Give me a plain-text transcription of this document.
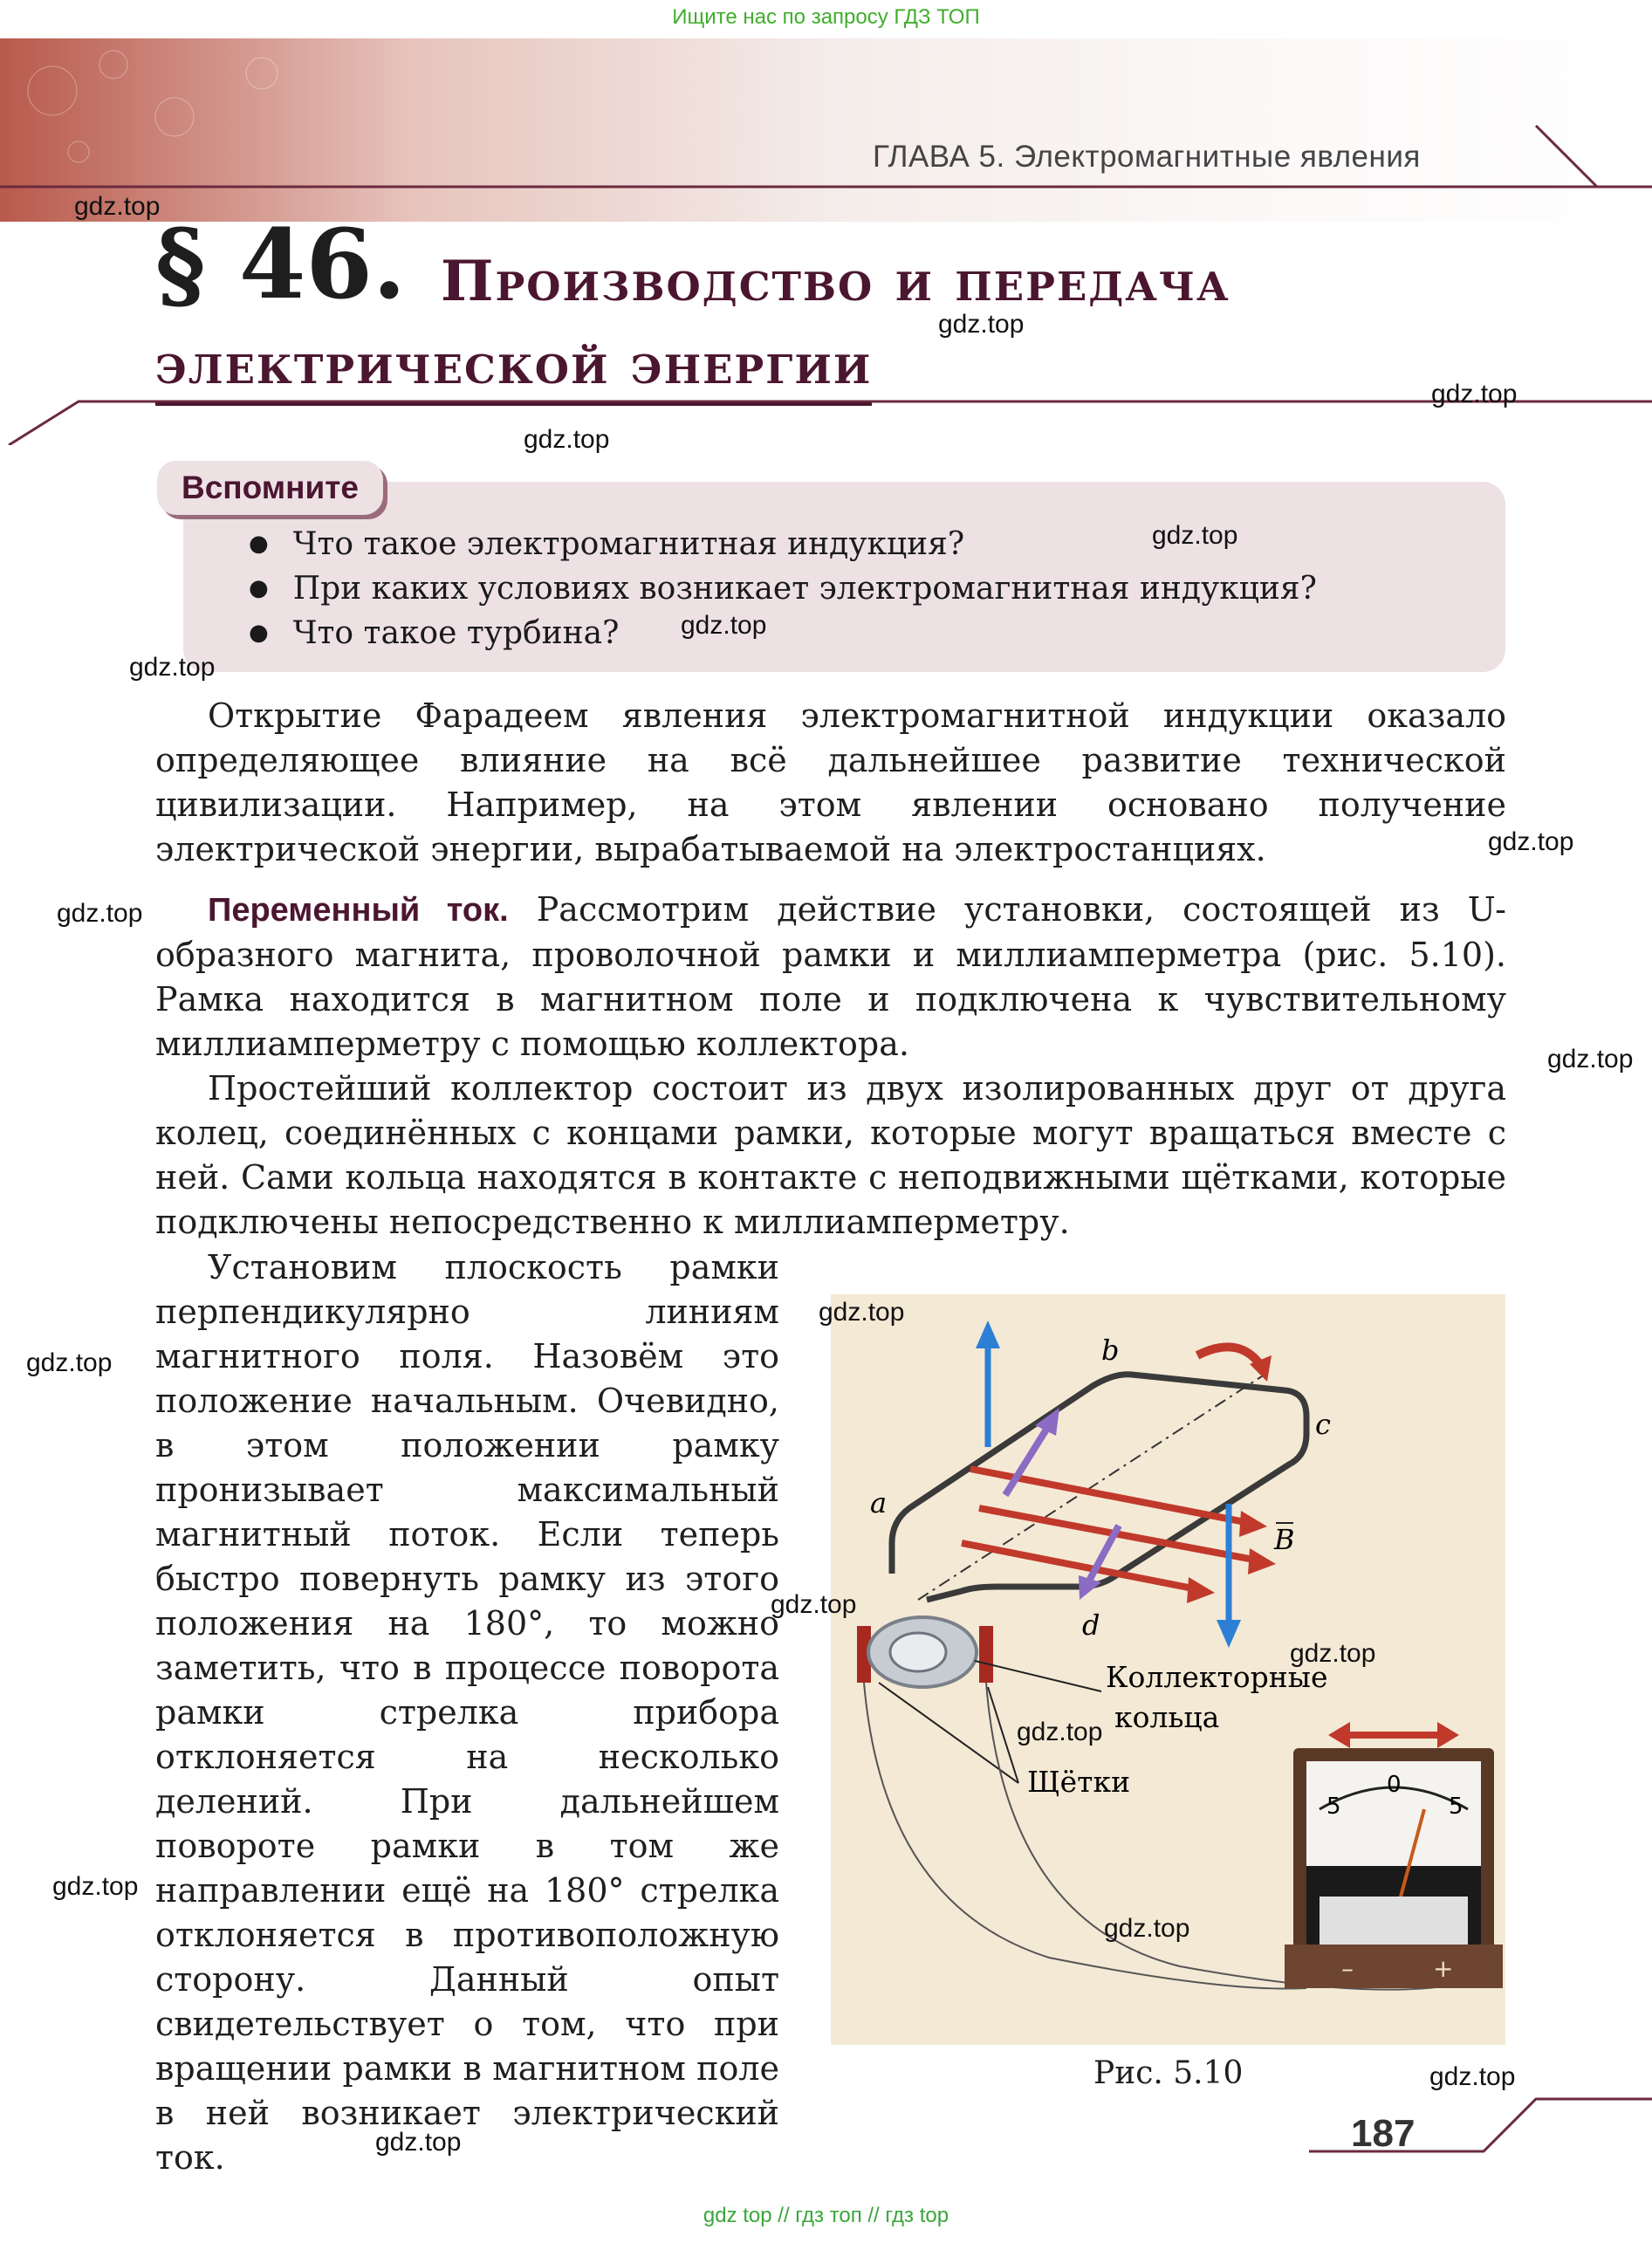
Ищите нас по запросу ГДЗ ТОП
ГЛАВА 5. Электромагнитные явления
§ 46. Производство и передача
электрической энергии
Вспомните
● Что такое электромагнитная индукция?
● При каких условиях возникает электромагнитная индукция?
● Что такое турбина?

Открытие Фарадеем явления электромагнитной индукции оказало определяющее влияние на всё дальнейшее развитие технической цивилизации. Например, на этом явлении основано получение электрической энергии, вырабатываемой на электростанциях.

Переменный ток. Рассмотрим действие установки, состоящей из U-образного магнита, проволочной рамки и миллиамперметра (рис. 5.10). Рамка находится в магнитном поле и подключена к чувствительному миллиамперметру с помощью коллектора.

Простейший коллектор состоит из двух изолированных друг от друга колец, соединённых с концами рамки, которые могут вращаться вместе с ней. Сами кольца находятся в контакте с неподвижными щётками, которые подключены непосредственно к миллиамперметру.

Установим плоскость рамки перпендикулярно линиям магнитного поля. Назовём это положение начальным. Очевидно, в этом положении рамку пронизывает максимальный магнитный поток. Если теперь быстро повернуть рамку из этого положения на 180°, то можно заметить, что в процессе поворота рамки стрелка прибора отклоняется на несколько делений. При дальнейшем повороте рамки в том же направлении ещё на 180° стрелка отклоняется в противоположную сторону. Данный опыт свидетельствует о том, что при вращении рамки в магнитном поле в ней возникает электрический ток.

b
c
a
d
B
Коллекторные
кольца
Щётки
5
0
5
–	+
Рис. 5.10
187
gdz.top
gdz.top
gdz.top
gdz.top
gdz.top
gdz.top
gdz.top
gdz.top
gdz.top
gdz.top
gdz.top
gdz.top
gdz.top
gdz.top
gdz.top
gdz.top
gdz.top
gdz.top
gdz.top
gdz top // гдз топ // гдз top
